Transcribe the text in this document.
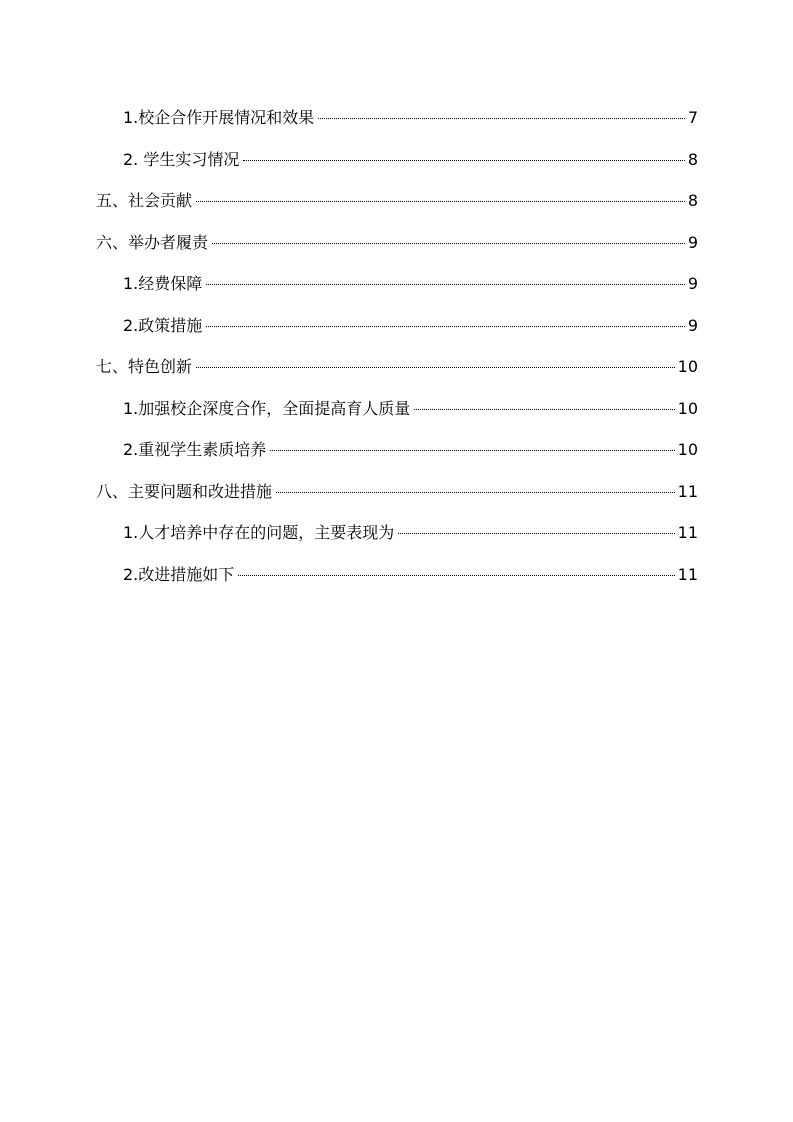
1.校企合作开展情况和效果	7
2. 学生实习情况	8
五、社会贡献	8
六、举办者履责	9
1.经费保障	9
2.政策措施	9
七、特色创新	10
1.加强校企深度合作，全面提高育人质量	10
2.重视学生素质培养	10
八、主要问题和改进措施	11
1.人才培养中存在的问题，主要表现为	11
2.改进措施如下	11
